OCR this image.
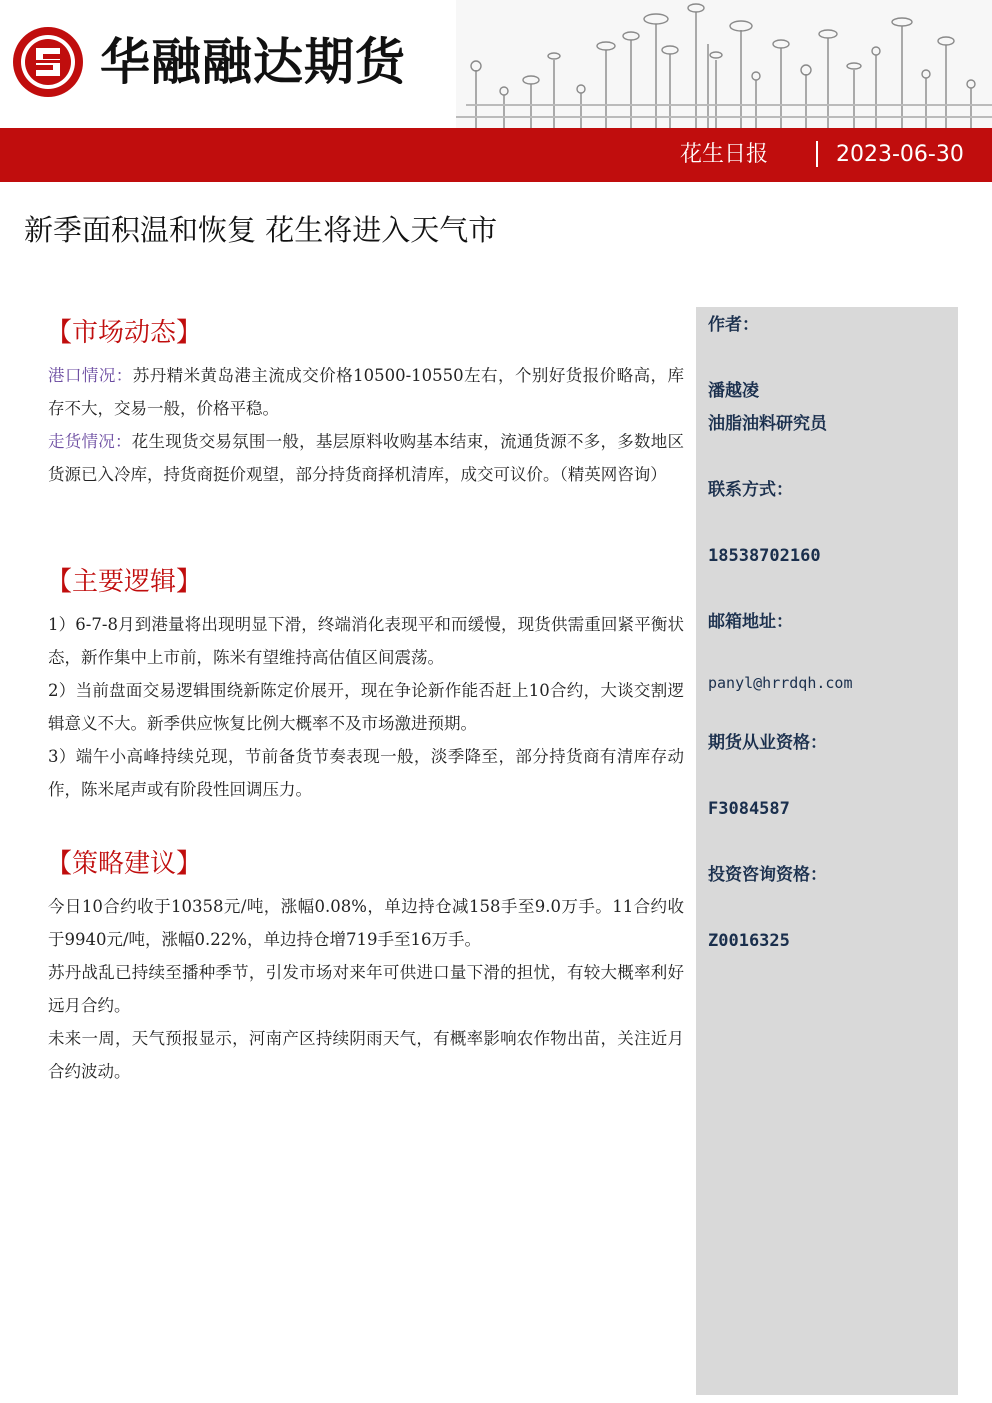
华融融达期货
花生日报	2023-06-30
新季面积温和恢复 花生将进入天气市
作者：
潘越凌
油脂油料研究员
联系方式：
18538702160
邮箱地址：
panyl@hrrdqh.com
期货从业资格：
F3084587
投资咨询资格：
Z0016325
【市场动态】

港口情况：苏丹精米黄岛港主流成交价格10500-10550左右，个别好货报价略高，库存不大，交易一般，价格平稳。

走货情况：花生现货交易氛围一般，基层原料收购基本结束，流通货源不多，多数地区货源已入冷库，持货商挺价观望，部分持货商择机清库，成交可议价。（精英网咨询）

【主要逻辑】

1）6-7-8月到港量将出现明显下滑，终端消化表现平和而缓慢，现货供需重回紧平衡状态，新作集中上市前，陈米有望维持高估值区间震荡。

2）当前盘面交易逻辑围绕新陈定价展开，现在争论新作能否赶上10合约，大谈交割逻辑意义不大。新季供应恢复比例大概率不及市场激进预期。

3）端午小高峰持续兑现，节前备货节奏表现一般，淡季降至，部分持货商有清库存动作，陈米尾声或有阶段性回调压力。

【策略建议】

今日10合约收于10358元/吨，涨幅0.08%，单边持仓减158手至9.0万手。11合约收于9940元/吨，涨幅0.22%，单边持仓增719手至16万手。

苏丹战乱已持续至播种季节，引发市场对来年可供进口量下滑的担忧，有较大概率利好远月合约。

未来一周，天气预报显示，河南产区持续阴雨天气，有概率影响农作物出苗，关注近月合约波动。
